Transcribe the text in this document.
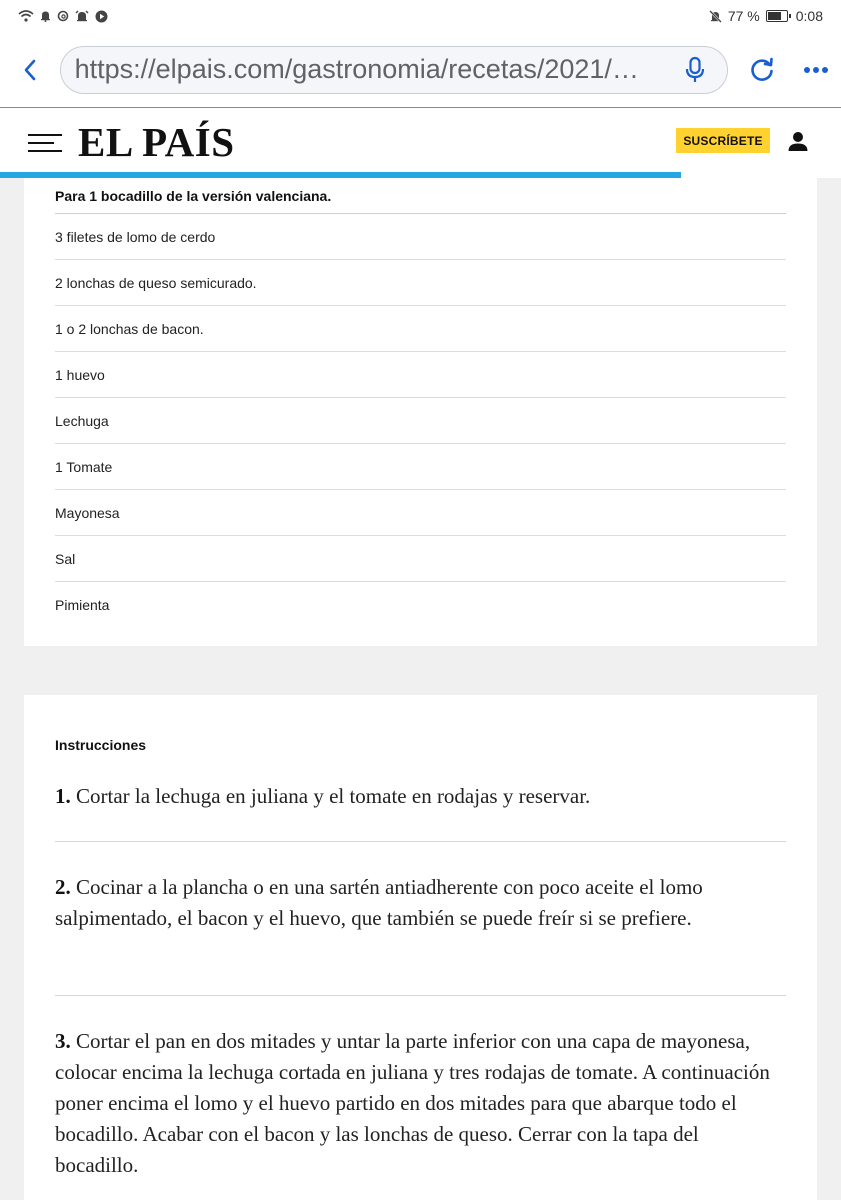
77 %	0:08
https://elpais.com/gastronomia/recetas/2021/…
EL PAÍS	SUSCRÍBETE
Para 1 bocadillo de la versión valenciana.
3 filetes de lomo de cerdo
2 lonchas de queso semicurado.
1 o 2 lonchas de bacon.
1 huevo
Lechuga
1 Tomate
Mayonesa
Sal
Pimienta
Instrucciones

1. Cortar la lechuga en juliana y el tomate en rodajas y reservar.

2. Cocinar a la plancha o en una sartén antiadherente con poco aceite el lomo salpimentado, el bacon y el huevo, que también se puede freír si se prefiere.

3. Cortar el pan en dos mitades y untar la parte inferior con una capa de mayonesa, colocar encima la lechuga cortada en juliana y tres rodajas de tomate. A continuación poner encima el lomo y el huevo partido en dos mitades para que abarque todo el bocadillo. Acabar con el bacon y las lonchas de queso. Cerrar con la tapa del bocadillo.
